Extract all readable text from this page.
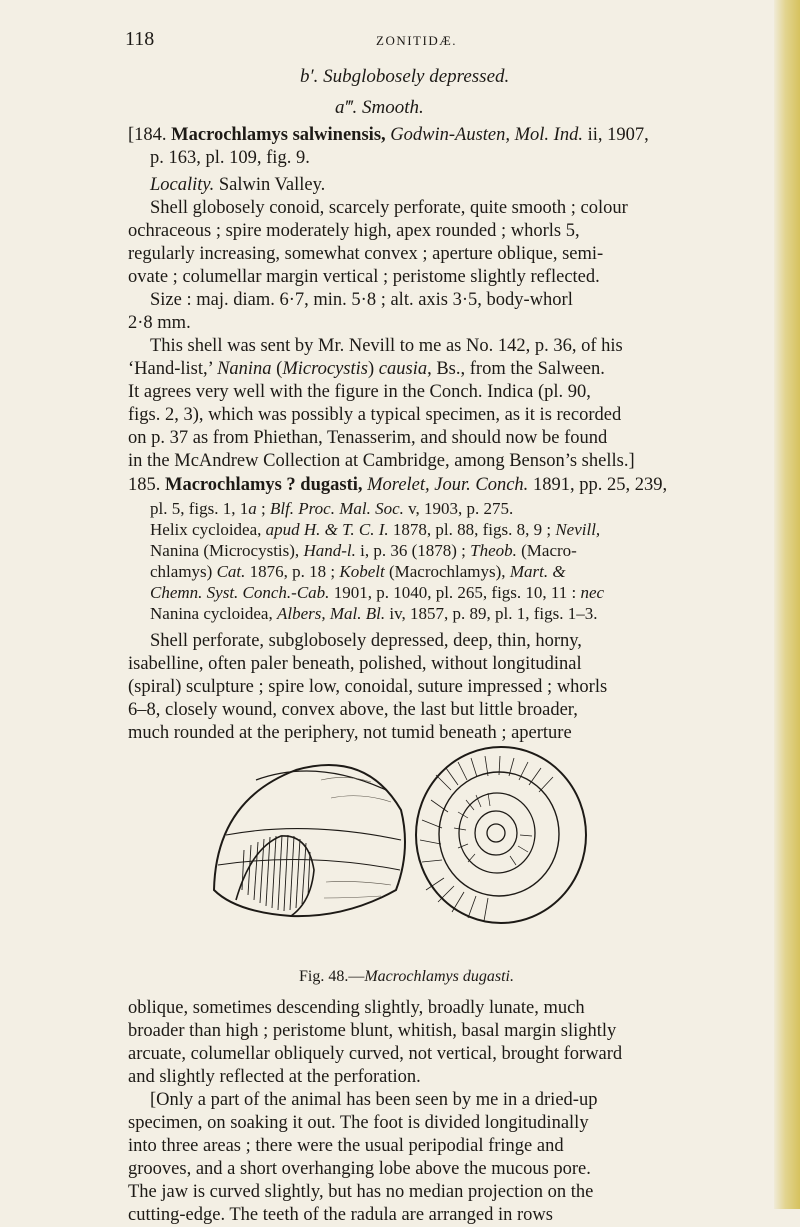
118	ZONITIDÆ.
b′. Subglobosely depressed.
a‴. Smooth.
[184. Macrochlamys salwinensis, Godwin-Austen, Mol. Ind. ii, 1907,
p. 163, pl. 109, fig. 9.
Locality. Salwin Valley.
Shell globosely conoid, scarcely perforate, quite smooth ; colour
ochraceous ; spire moderately high, apex rounded ; whorls 5,
regularly increasing, somewhat convex ; aperture oblique, semi-
ovate ; columellar margin vertical ; peristome slightly reflected.
Size : maj. diam. 6·7, min. 5·8 ; alt. axis 3·5, body-whorl
2·8 mm.
This shell was sent by Mr. Nevill to me as No. 142, p. 36, of his
‘Hand-list,’ Nanina (Microcystis) causia, Bs., from the Salween.
It agrees very well with the figure in the Conch. Indica (pl. 90,
figs. 2, 3), which was possibly a typical specimen, as it is recorded
on p. 37 as from Phiethan, Tenasserim, and should now be found
in the McAndrew Collection at Cambridge, among Benson’s shells.]
185. Macrochlamys ? dugasti, Morelet, Jour. Conch. 1891, pp. 25, 239,
pl. 5, figs. 1, 1a ; Blf. Proc. Mal. Soc. v, 1903, p. 275.
Helix cycloidea, apud H. & T. C. I. 1878, pl. 88, figs. 8, 9 ; Nevill,
Nanina (Microcystis), Hand-l. i, p. 36 (1878) ; Theob. (Macro-
chlamys) Cat. 1876, p. 18 ; Kobelt (Macrochlamys), Mart. &
Chemn. Syst. Conch.-Cab. 1901, p. 1040, pl. 265, figs. 10, 11 : nec
Nanina cycloidea, Albers, Mal. Bl. iv, 1857, p. 89, pl. 1, figs. 1–3.
Shell perforate, subglobosely depressed, deep, thin, horny,
isabelline, often paler beneath, polished, without longitudinal
(spiral) sculpture ; spire low, conoidal, suture impressed ; whorls
6–8, closely wound, convex above, the last but little broader,
much rounded at the periphery, not tumid beneath ; aperture
Fig. 48.—Macrochlamys dugasti.
oblique, sometimes descending slightly, broadly lunate, much
broader than high ; peristome blunt, whitish, basal margin slightly
arcuate, columellar obliquely curved, not vertical, brought forward
and slightly reflected at the perforation.
[Only a part of the animal has been seen by me in a dried-up
specimen, on soaking it out. The foot is divided longitudinally
into three areas ; there were the usual peripodial fringe and
grooves, and a short overhanging lobe above the mucous pore.
The jaw is curved slightly, but has no median projection on the
cutting-edge. The teeth of the radula are arranged in rows
